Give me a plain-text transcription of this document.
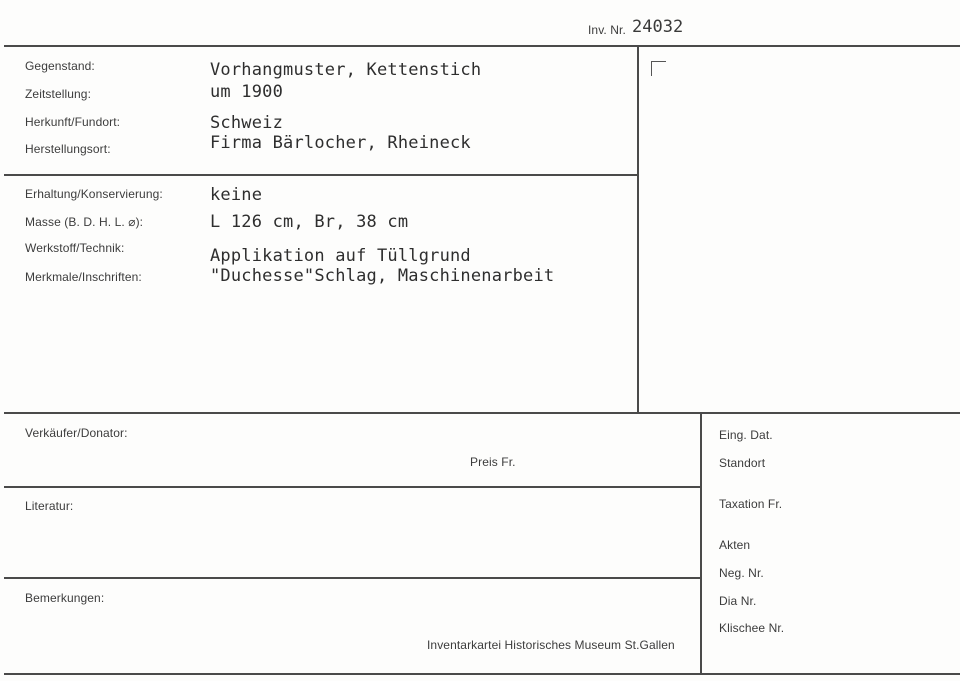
Inv. Nr. 24032
Gegenstand:	Vorhangmuster, Kettenstich
Zeitstellung:	um 1900
Herkunft/Fundort:	Schweiz
Herstellungsort:	Firma Bärlocher, Rheineck
Erhaltung/Konservierung:	keine
Masse (B. D. H. L. ⌀):	L 126 cm, Br, 38 cm
Werkstoff/Technik:	Applikation auf Tüllgrund
Merkmale/Inschriften:	"Duchesse"Schlag, Maschinenarbeit
Verkäufer/Donator:
Preis Fr.
Literatur:
Bemerkungen:
Inventarkartei Historisches Museum St.Gallen
Eing. Dat.
Standort
Taxation Fr.
Akten
Neg. Nr.
Dia Nr.
Klischee Nr.
